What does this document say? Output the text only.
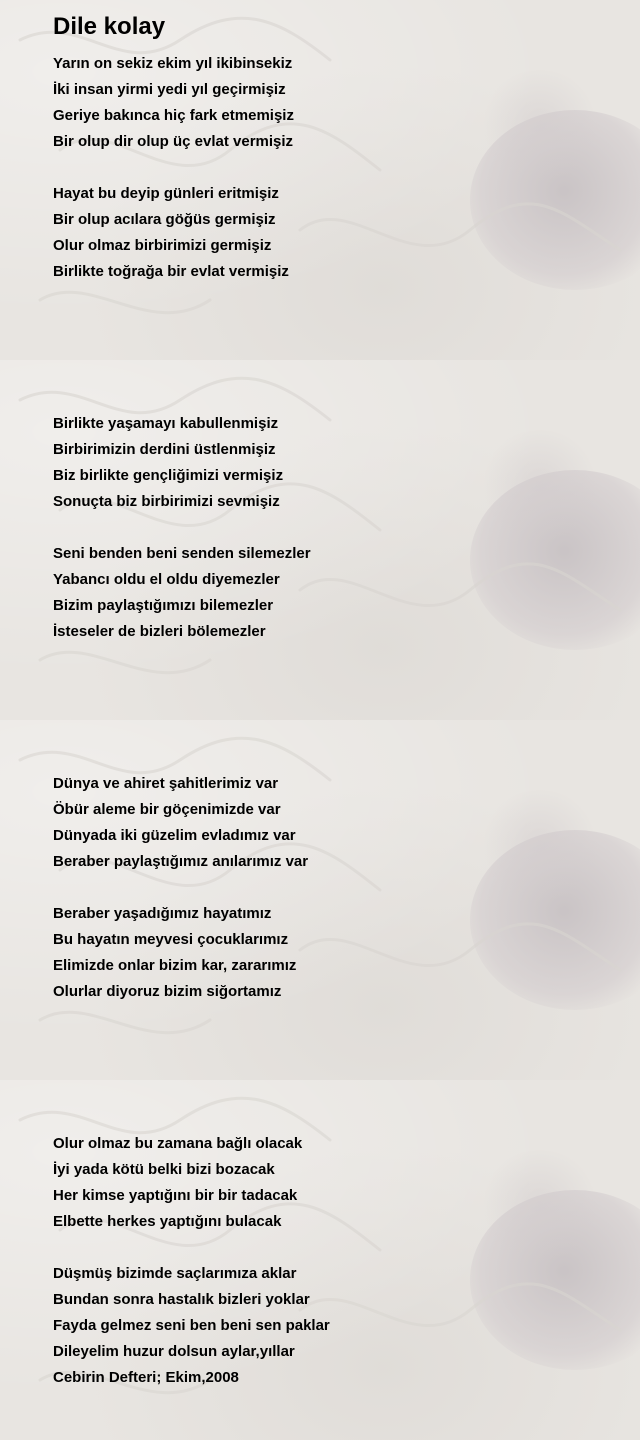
Dile kolay
Yarın on sekiz ekim yıl ikibinsekiz
İki insan yirmi yedi yıl geçirmişiz
Geriye bakınca hiç fark etmemişiz
Bir olup dir olup üç evlat vermişiz
Hayat bu deyip günleri eritmişiz
Bir olup acılara göğüs germişiz
Olur olmaz birbirimizi germişiz
Birlikte toğrağa bir evlat vermişiz
Birlikte yaşamayı kabullenmişiz
Birbirimizin derdini üstlenmişiz
Biz birlikte gençliğimizi vermişiz
Sonuçta biz birbirimizi sevmişiz
Seni benden beni senden silemezler
Yabancı oldu el oldu diyemezler
Bizim paylaştığımızı bilemezler
İsteseler de bizleri bölemezler
Dünya ve ahiret şahitlerimiz var
Öbür aleme bir göçenimizde var
Dünyada iki güzelim evladımız var
Beraber paylaştığımız anılarımız var
Beraber yaşadığımız hayatımız
Bu hayatın meyvesi çocuklarımız
Elimizde onlar bizim kar, zararımız
Olurlar diyoruz bizim siğortamız
Olur olmaz bu zamana bağlı olacak
İyi yada kötü belki bizi bozacak
Her kimse yaptığını bir bir tadacak
Elbette herkes yaptığını bulacak
Düşmüş bizimde saçlarımıza aklar
Bundan sonra hastalık bizleri yoklar
Fayda gelmez seni ben beni sen paklar
Dileyelim huzur dolsun aylar,yıllar
Cebirin Defteri; Ekim,2008
